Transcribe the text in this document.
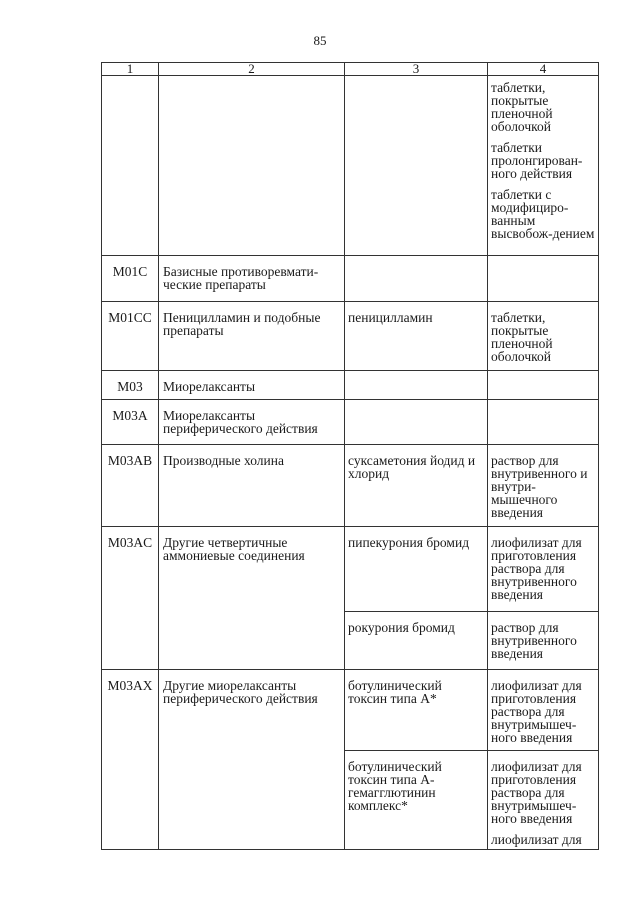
85
1	2	3	4

			таблетки, покрытые пленочной оболочкой
таблетки пролонгирован-ного действия
таблетки с модифициро-ванным высвобож-дением

M01C	Базисные противоревмати-ческие препараты		
M01CC	Пеницилламин и подобные препараты	пеницилламин	таблетки, покрытые пленочной оболочкой

M03	Миорелаксанты		
M03A	Миорелаксанты периферического действия		
M03AB	Производные холина	суксаметония йодид и хлорид	раствор для внутривенного и внутри-мышечного введения

M03AC	Другие четвертичные аммониевые соединения	пипекурония бромид	лиофилизат для приготовления раствора для внутривенного введения

		рокурония бромид	раствор для внутривенного введения

M03AX	Другие миорелаксанты периферического действия	ботулинический токсин типа А*	лиофилизат для приготовления раствора для внутримышеч-ного введения

		ботулинический токсин типа А-гемагглютинин комплекс*	лиофилизат для приготовления раствора для внутримышеч-ного введения
лиофилизат для
